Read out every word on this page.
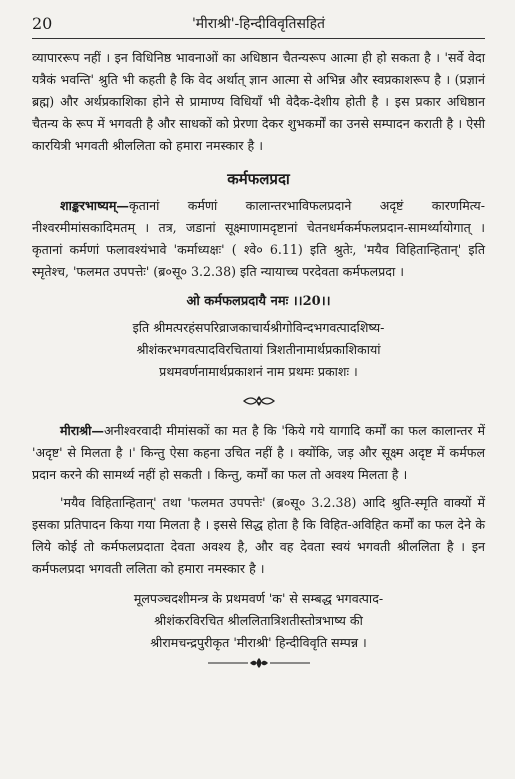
20	'मीराश्री'-हिन्दीविवृतिसहितं

व्यापाररूप नहीं । इन विधिनिष्ठ भावनाओं का अधिष्ठान चैतन्यरूप आत्मा ही हो सकता है । 'सर्वे वेदा यत्रैकं भवन्ति' श्रुति भी कहती है कि वेद अर्थात् ज्ञान आत्मा से अभिन्न और स्वप्रकाशरूप है । (प्रज्ञानं ब्रह्म) और अर्थप्रकाशिका होने से प्रामाण्य विधियाँ भी वेदैक-देशीय होती है । इस प्रकार अधिष्ठान चैतन्य के रूप में भगवती है और साधकों को प्रेरणा देकर शुभकर्मों का उनसे सम्पादन कराती है । ऐसी कारयित्री भगवती श्रीललिता को हमारा नमस्कार है ।

कर्मफलप्रदा

शाङ्करभाष्यम्—कृतानां कर्मणां कालान्तरभाविफलप्रदाने अदृष्टं कारणमित्य-नीश्वरमीमांसकादिमतम् । तत्र, जडानां सूक्ष्माणामदृष्टानां चेतनधर्मकर्मफलप्रदान-सामर्थ्यायोगात् । कृतानां कर्मणां फलावश्यंभावे 'कर्माध्यक्षः' ( श्वे० 6.11) इति श्रुतेः, 'मयैव विहितान्हितान्' इति स्मृतेश्च, 'फलमत उपपत्तेः' (ब्र०सू० 3.2.38) इति न्यायाच्च परदेवता कर्मफलप्रदा ।

ओ कर्मफलप्रदायै नमः ।।20।।
इति श्रीमत्परहंसपरिव्राजकाचार्यश्रीगोविन्दभगवत्पादशिष्य-
श्रीशंकरभगवत्पादविरचितायां त्रिशतीनामार्थप्रकाशिकायां
प्रथमवर्णनामार्थप्रकाशनं नाम प्रथमः प्रकाशः ।

मीराश्री—अनीश्वरवादी मीमांसकों का मत है कि 'किये गये यागादि कर्मों का फल कालान्तर में 'अदृष्ट' से मिलता है ।' किन्तु ऐसा कहना उचित नहीं है । क्योंकि, जड़ और सूक्ष्म अदृष्ट में कर्मफल प्रदान करने की सामर्थ्य नहीं हो सकती । किन्तु, कर्मों का फल तो अवश्य मिलता है ।

'मयैव विहितान्हितान्' तथा 'फलमत उपपत्तेः' (ब्र०सू० 3.2.38) आदि श्रुति-स्मृति वाक्यों में इसका प्रतिपादन किया गया मिलता है । इससे सिद्ध होता है कि विहित-अविहित कर्मों का फल देने के लिये कोई तो कर्मफलप्रदाता देवता अवश्य है, और वह देवता स्वयं भगवती श्रीललिता है । इन कर्मफलप्रदा भगवती ललिता को हमारा नमस्कार है ।

मूलपञ्चदशीमन्त्र के प्रथमवर्ण 'क' से सम्बद्ध भगवत्पाद-
श्रीशंकरविरचित श्रीललितात्रिशतीस्तोत्रभाष्य की
श्रीरामचन्द्रपुरीकृत 'मीराश्री' हिन्दीविवृति सम्पन्न ।
